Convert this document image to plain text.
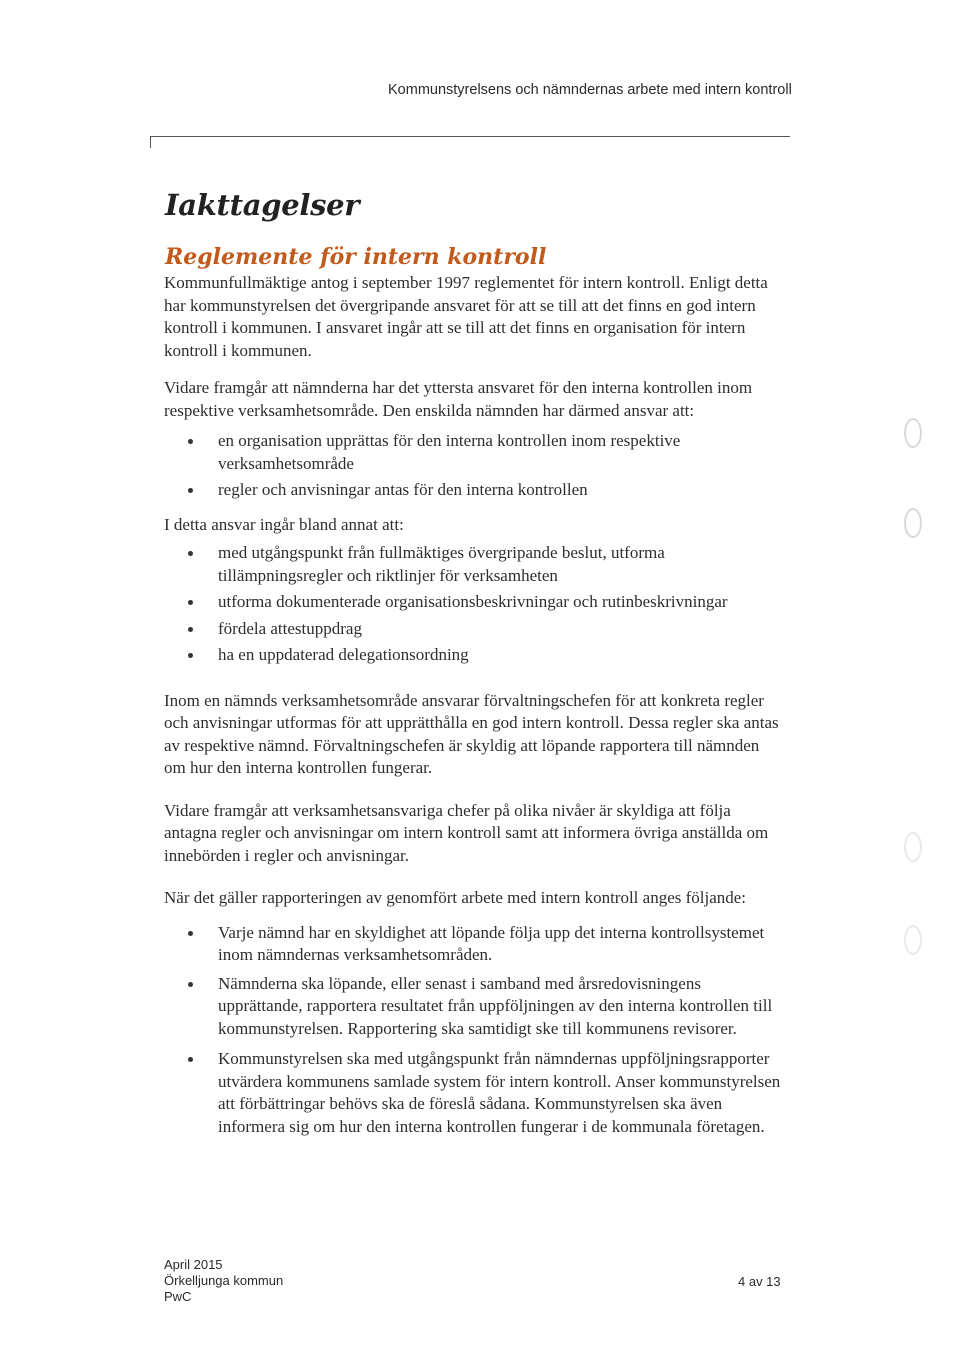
Kommunstyrelsens och nämndernas arbete med intern kontroll
Iakttagelser
Reglemente för intern kontroll

Kommunfullmäktige antog i september 1997 reglementet för intern kontroll. Enligt detta har kommunstyrelsen det övergripande ansvaret för att se till att det finns en god intern kontroll i kommunen. I ansvaret ingår att se till att det finns en organisation för intern kontroll i kommunen.

Vidare framgår att nämnderna har det yttersta ansvaret för den interna kontrollen inom respektive verksamhetsområde. Den enskilda nämnden har därmed ansvar att:

en organisation upprättas för den interna kontrollen inom respektive verksamhetsområde
regler och anvisningar antas för den interna kontrollen

I detta ansvar ingår bland annat att:

med utgångspunkt från fullmäktiges övergripande beslut, utforma tillämpningsregler och riktlinjer för verksamheten
utforma dokumenterade organisationsbeskrivningar och rutinbeskrivningar
fördela attestuppdrag
ha en uppdaterad delegationsordning

Inom en nämnds verksamhetsområde ansvarar förvaltningschefen för att konkreta regler och anvisningar utformas för att upprätthålla en god intern kontroll. Dessa regler ska antas av respektive nämnd. Förvaltningschefen är skyldig att löpande rapportera till nämnden om hur den interna kontrollen fungerar.

Vidare framgår att verksamhetsansvariga chefer på olika nivåer är skyldiga att följa antagna regler och anvisningar om intern kontroll samt att informera övriga anställda om innebörden i regler och anvisningar.

När det gäller rapporteringen av genomfört arbete med intern kontroll anges följande:

Varje nämnd har en skyldighet att löpande följa upp det interna kontrollsystemet inom nämndernas verksamhetsområden.
Nämnderna ska löpande, eller senast i samband med årsredovisningens upprättande, rapportera resultatet från uppföljningen av den interna kontrollen till kommunstyrelsen. Rapportering ska samtidigt ske till kommunens revisorer.
Kommunstyrelsen ska med utgångspunkt från nämndernas uppföljningsrapporter utvärdera kommunens samlade system för intern kontroll. Anser kommunstyrelsen att förbättringar behövs ska de föreslå sådana. Kommunstyrelsen ska även informera sig om hur den interna kontrollen fungerar i de kommunala företagen.
April 2015
Örkelljunga kommun
PwC
4 av 13
